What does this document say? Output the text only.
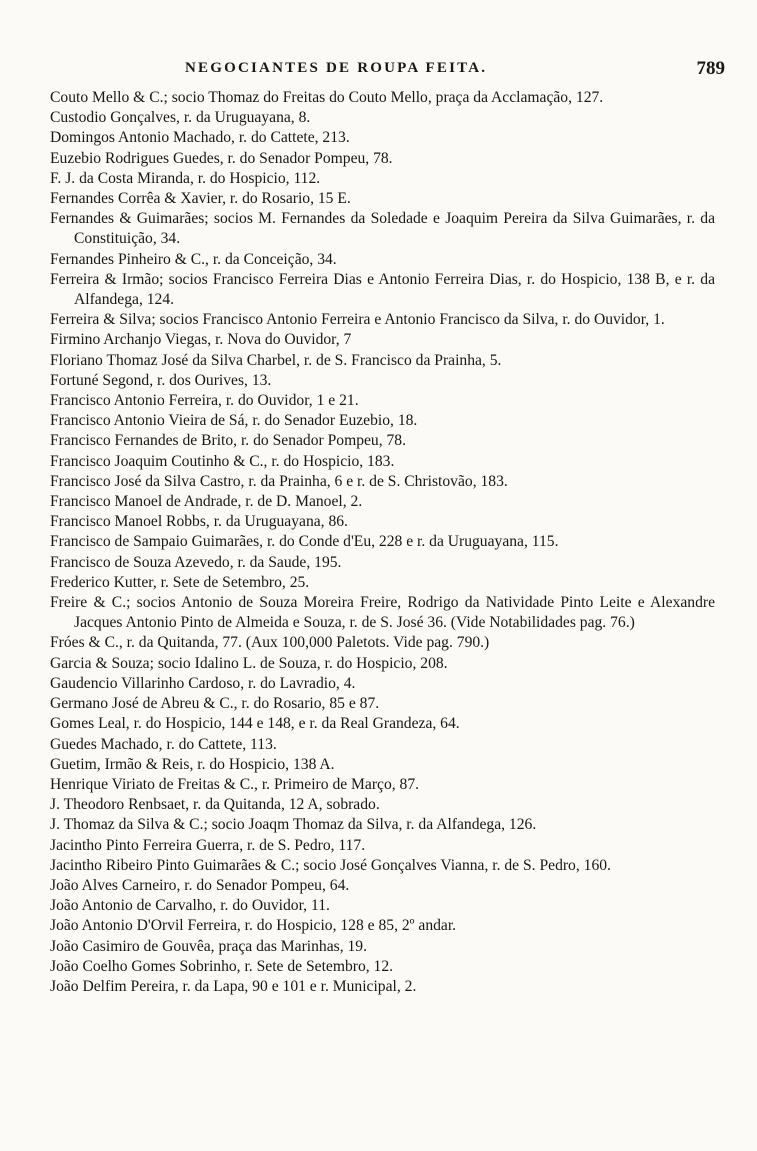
NEGOCIANTES DE ROUPA FEITA.	789

Couto Mello & C.; socio Thomaz do Freitas do Couto Mello, praça da Acclamação, 127.

Custodio Gonçalves, r. da Uruguayana, 8.

Domingos Antonio Machado, r. do Cattete, 213.

Euzebio Rodrigues Guedes, r. do Senador Pompeu, 78.

F. J. da Costa Miranda, r. do Hospicio, 112.

Fernandes Corrêa & Xavier, r. do Rosario, 15 E.

Fernandes & Guimarães; socios M. Fernandes da Soledade e Joaquim Pereira da Silva Guimarães, r. da Constituição, 34.

Fernandes Pinheiro & C., r. da Conceição, 34.

Ferreira & Irmão; socios Francisco Ferreira Dias e Antonio Ferreira Dias, r. do Hospicio, 138 B, e r. da Alfandega, 124.

Ferreira & Silva; socios Francisco Antonio Ferreira e Antonio Francisco da Silva, r. do Ouvidor, 1.

Firmino Archanjo Viegas, r. Nova do Ouvidor, 7

Floriano Thomaz José da Silva Charbel, r. de S. Francisco da Prainha, 5.

Fortuné Segond, r. dos Ourives, 13.

Francisco Antonio Ferreira, r. do Ouvidor, 1 e 21.

Francisco Antonio Vieira de Sá, r. do Senador Euzebio, 18.

Francisco Fernandes de Brito, r. do Senador Pompeu, 78.

Francisco Joaquim Coutinho & C., r. do Hospicio, 183.

Francisco José da Silva Castro, r. da Prainha, 6 e r. de S. Christovão, 183.

Francisco Manoel de Andrade, r. de D. Manoel, 2.

Francisco Manoel Robbs, r. da Uruguayana, 86.

Francisco de Sampaio Guimarães, r. do Conde d'Eu, 228 e r. da Uruguayana, 115.

Francisco de Souza Azevedo, r. da Saude, 195.

Frederico Kutter, r. Sete de Setembro, 25.

Freire & C.; socios Antonio de Souza Moreira Freire, Rodrigo da Natividade Pinto Leite e Alexandre Jacques Antonio Pinto de Almeida e Souza, r. de S. José 36. (Vide Notabilidades pag. 76.)

Fróes & C., r. da Quitanda, 77. (Aux 100,000 Paletots. Vide pag. 790.)

Garcia & Souza; socio Idalino L. de Souza, r. do Hospicio, 208.

Gaudencio Villarinho Cardoso, r. do Lavradio, 4.

Germano José de Abreu & C., r. do Rosario, 85 e 87.

Gomes Leal, r. do Hospicio, 144 e 148, e r. da Real Grandeza, 64.

Guedes Machado, r. do Cattete, 113.

Guetim, Irmão & Reis, r. do Hospicio, 138 A.

Henrique Viriato de Freitas & C., r. Primeiro de Março, 87.

J. Theodoro Renbsaet, r. da Quitanda, 12 A, sobrado.

J. Thomaz da Silva & C.; socio Joaqm Thomaz da Silva, r. da Alfandega, 126.

Jacintho Pinto Ferreira Guerra, r. de S. Pedro, 117.

Jacintho Ribeiro Pinto Guimarães & C.; socio José Gonçalves Vianna, r. de S. Pedro, 160.

João Alves Carneiro, r. do Senador Pompeu, 64.

João Antonio de Carvalho, r. do Ouvidor, 11.

João Antonio D'Orvil Ferreira, r. do Hospicio, 128 e 85, 2º andar.

João Casimiro de Gouvêa, praça das Marinhas, 19.

João Coelho Gomes Sobrinho, r. Sete de Setembro, 12.

João Delfim Pereira, r. da Lapa, 90 e 101 e r. Municipal, 2.
